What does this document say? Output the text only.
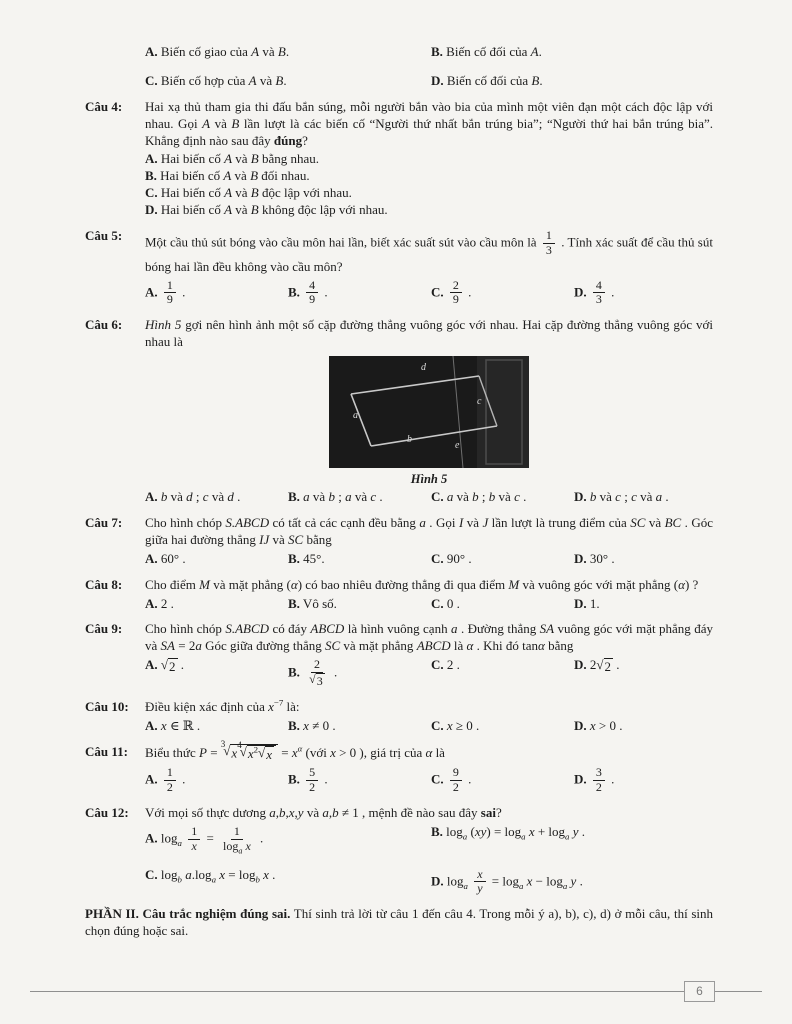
A. Biến cố giao của A và B.	B. Biến cố đối của A.
C. Biến cố hợp của A và B.	D. Biến cố đối của B.
Câu 4:	Hai xạ thủ tham gia thi đấu bắn súng, mỗi người bắn vào bia của mình một viên đạn một cách độc lập với nhau. Gọi A và B lần lượt là các biến cố “Người thứ nhất bắn trúng bia”; “Người thứ hai bắn trúng bia”. Khẳng định nào sau đây đúng?
A. Hai biến cố A và B bằng nhau.
B. Hai biến cố A và B đối nhau.
C. Hai biến cố A và B độc lập với nhau.
D. Hai biến cố A và B không độc lập với nhau.
Câu 5:	Một cầu thủ sút bóng vào cầu môn hai lần, biết xác suất sút vào cầu môn là $\frac{1}{3}$ . Tính xác suất để cầu thủ sút bóng hai lần đều không vào cầu môn?
A. $\frac{1}{9}$ .	B. $\frac{4}{9}$ .	C. $\frac{2}{9}$ .	D. $\frac{4}{3}$ .
Câu 6:	Hình 5 gợi nên hình ảnh một số cặp đường thẳng vuông góc với nhau. Hai cặp đường thẳng vuông góc với nhau là
d
a
c
b
e
Hình 5
A. b và d ; c và d .	B. a và b ; a và c .	C. a và b ; b và c .	D. b và c ; c và a .
Câu 7:	Cho hình chóp S.ABCD có tất cả các cạnh đều bằng a . Gọi I và J lần lượt là trung điểm của SC và BC . Góc giữa hai đường thẳng IJ và SC bằng
A. 60° .	B. 45°.	C. 90° .	D. 30° .
Câu 8:	Cho điểm M và mặt phẳng (α) có bao nhiêu đường thẳng đi qua điểm M và vuông góc với mặt phẳng (α) ?
A. 2 .	B. Vô số.	C. 0 .	D. 1.
Câu 9:	Cho hình chóp S.ABCD có đáy ABCD là hình vuông cạnh a . Đường thẳng SA vuông góc với mặt phẳng đáy và SA = 2a Góc giữa đường thẳng SC và mặt phẳng ABCD là α . Khi đó tanα bằng
A. √ 2 .	B. $\frac{2}{√ 3}$ .	C. 2 .	D. 2 √ 2 .
Câu 10:	Điều kiện xác định của $x^{-7}$ là:
A. x ∈ ℝ .	B. x ≠ 0 .	C. x ≥ 0 .	D. x > 0 .
Câu 11:	Biểu thức P =
3
√ x
4
√ $x^2$ √ $x = x^\alpha$ (với x > 0 ), giá trị của α là
A. $\frac{1}{2}$ .	B. $\frac{5}{2}$ .	C. $\frac{9}{2}$ .	D. $\frac{3}{2}$ .
Câu 12:	Với mọi số thực dương a,b,x,y và a,b ≠ 1 , mệnh đề nào sau đây sai?
A. $\log_a \frac{1}{x} = \frac{1}{\log_a x}$ .	B. $\log_a (xy) = \log_a x + \log_a y$ .
C. $\log_b a.\log_a$ $x = \log_b x$ .	D. $\log_a \frac{x}{y} = \log_a x - \log_a y$ .
PHẦN II. Câu trắc nghiệm đúng sai. Thí sinh trả lời từ câu 1 đến câu 4. Trong mỗi ý a), b), c), d) ở mỗi câu, thí sinh chọn đúng hoặc sai.
6
